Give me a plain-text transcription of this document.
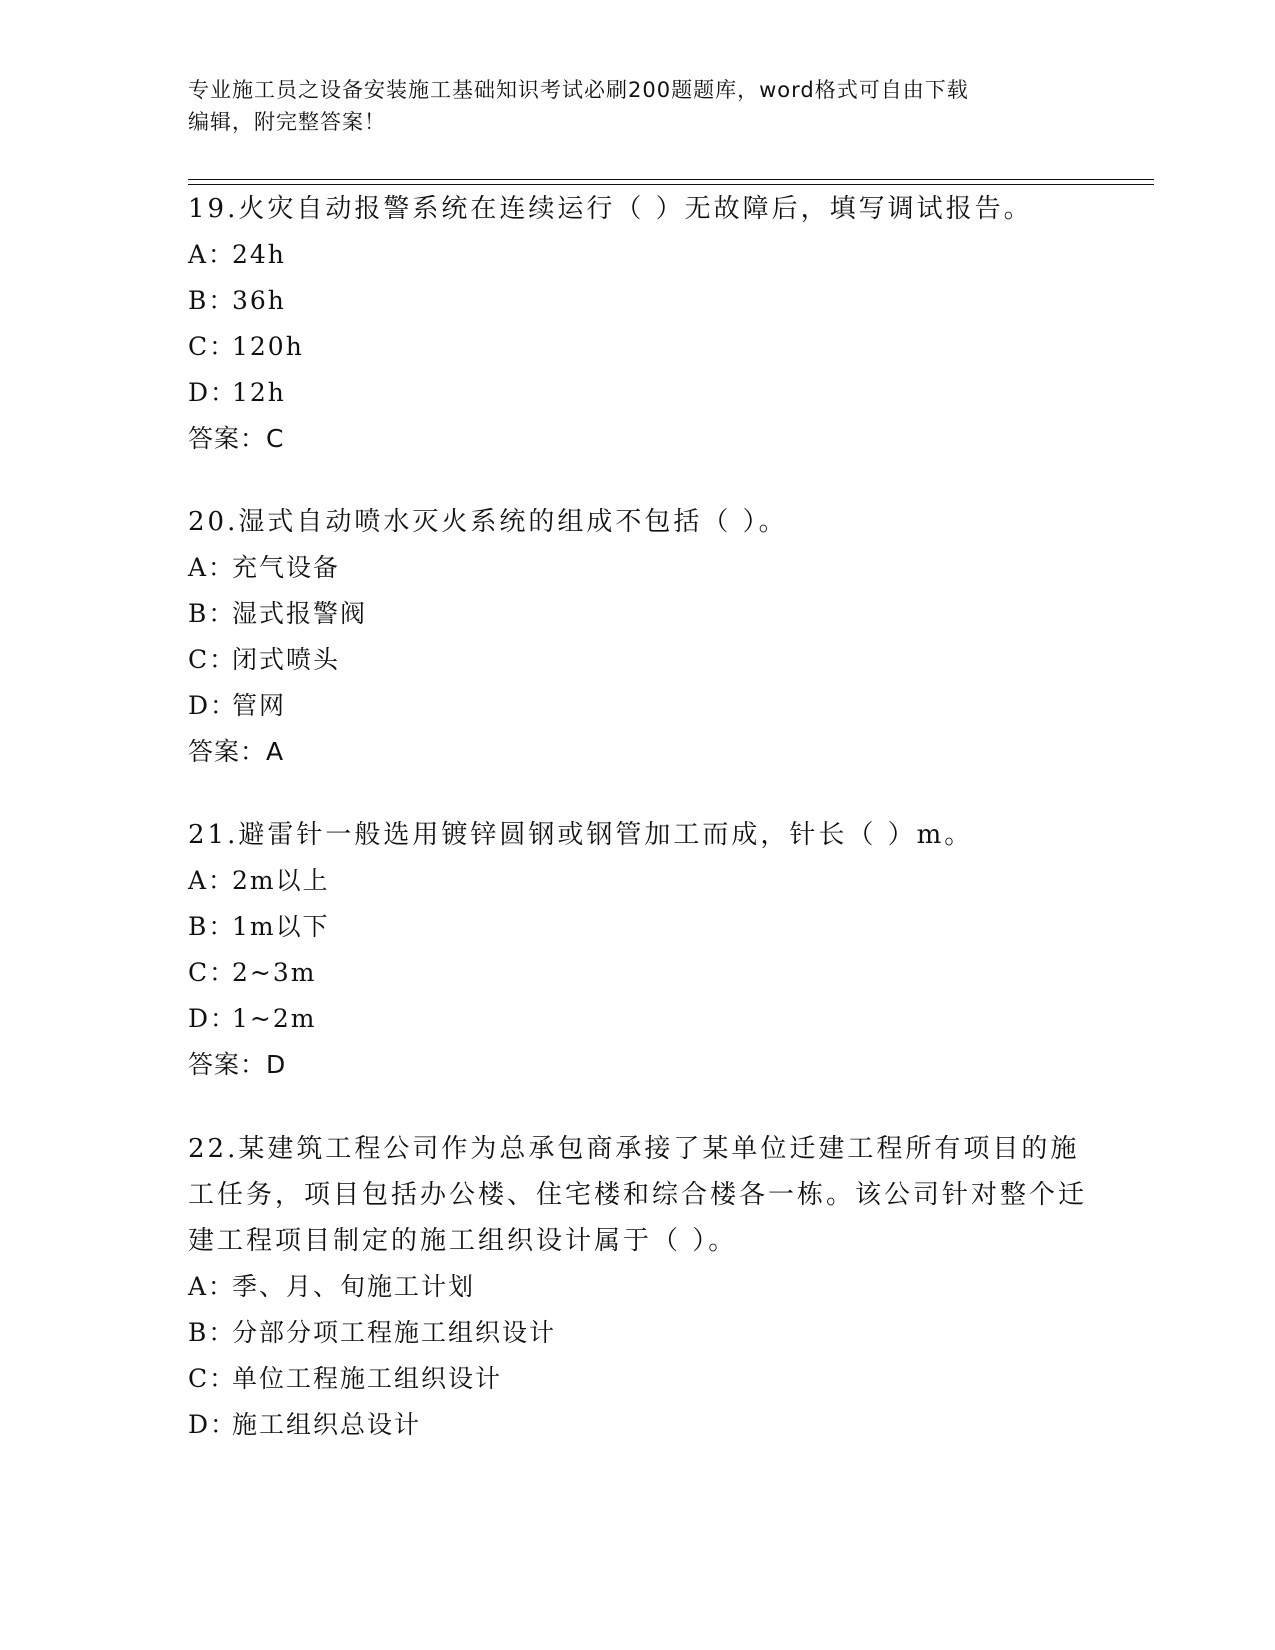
专业施工员之设备安装施工基础知识考试必刷200题题库，word格式可自由下载
编辑，附完整答案！
19.火灾自动报警系统在连续运行（ ）无故障后，填写调试报告。
A：24h
B：36h
C：120h
D：12h
答案：C
20.湿式自动喷水灭火系统的组成不包括（ ）。
A：充气设备
B：湿式报警阀
C：闭式喷头
D：管网
答案：A
21.避雷针一般选用镀锌圆钢或钢管加工而成，针长（ ）m。
A：2m以上
B：1m以下
C：2~3m
D：1~2m
答案：D
22.某建筑工程公司作为总承包商承接了某单位迁建工程所有项目的施工任务，项目包括办公楼、住宅楼和综合楼各一栋。该公司针对整个迁建工程项目制定的施工组织设计属于（ ）。
A：季、月、旬施工计划
B：分部分项工程施工组织设计
C：单位工程施工组织设计
D：施工组织总设计
